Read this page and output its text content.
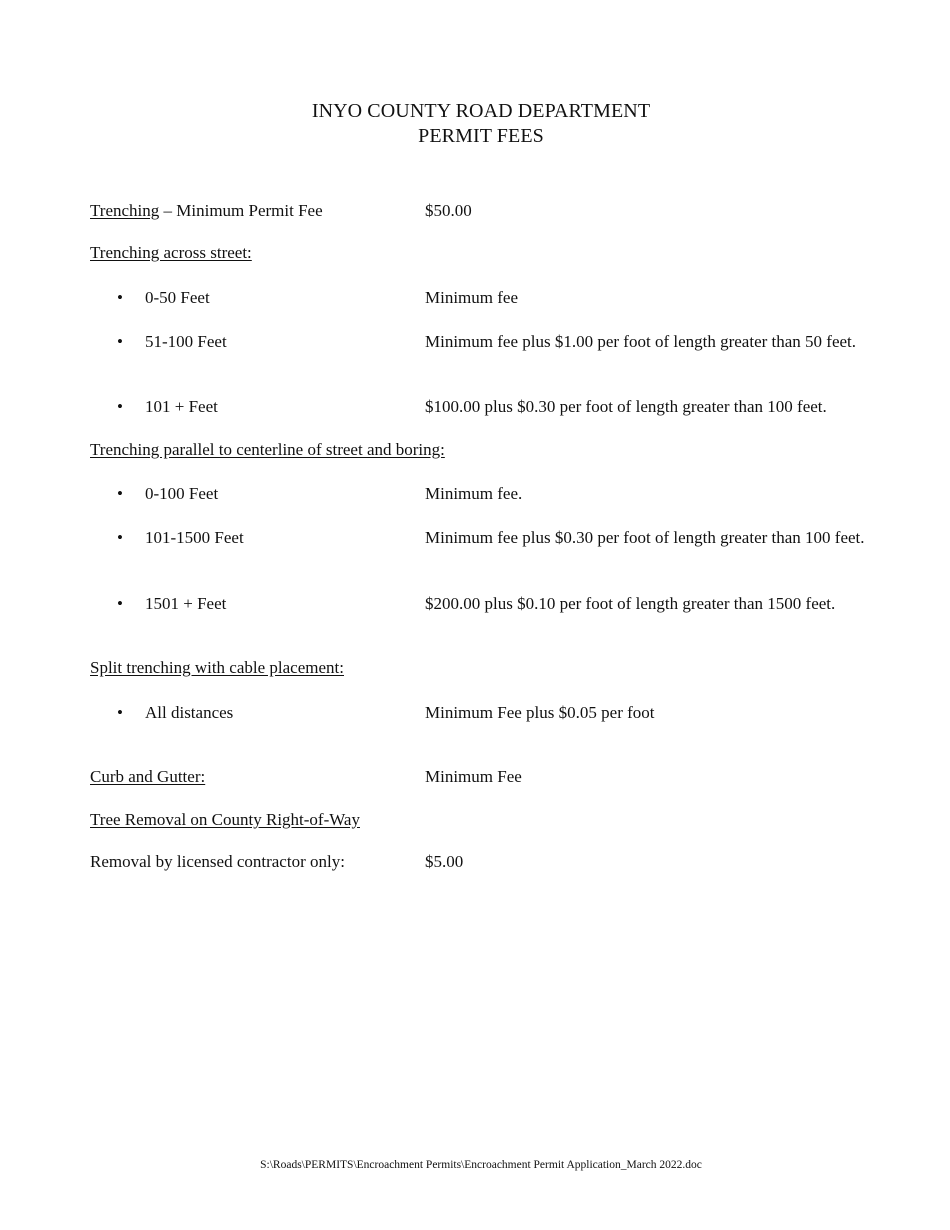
INYO COUNTY ROAD DEPARTMENT
PERMIT FEES
Trenching – Minimum Permit Fee	$50.00
Trenching across street:
• 0-50 Feet	Minimum fee
• 51-100 Feet	Minimum fee plus $1.00 per foot of length greater than 50 feet.
• 101 + Feet	$100.00 plus $0.30 per foot of length greater than 100 feet.
Trenching parallel to centerline of street and boring:
• 0-100 Feet	Minimum fee.
• 101-1500 Feet	Minimum fee plus $0.30 per foot of length greater than 100 feet.
• 1501 + Feet	$200.00 plus $0.10 per foot of length greater than 1500 feet.
Split trenching with cable placement:
• All distances	Minimum Fee plus $0.05 per foot
Curb and Gutter:	Minimum Fee
Tree Removal on County Right-of-Way
Removal by licensed contractor only:	$5.00
S:\Roads\PERMITS\Encroachment Permits\Encroachment Permit Application_March 2022.doc
